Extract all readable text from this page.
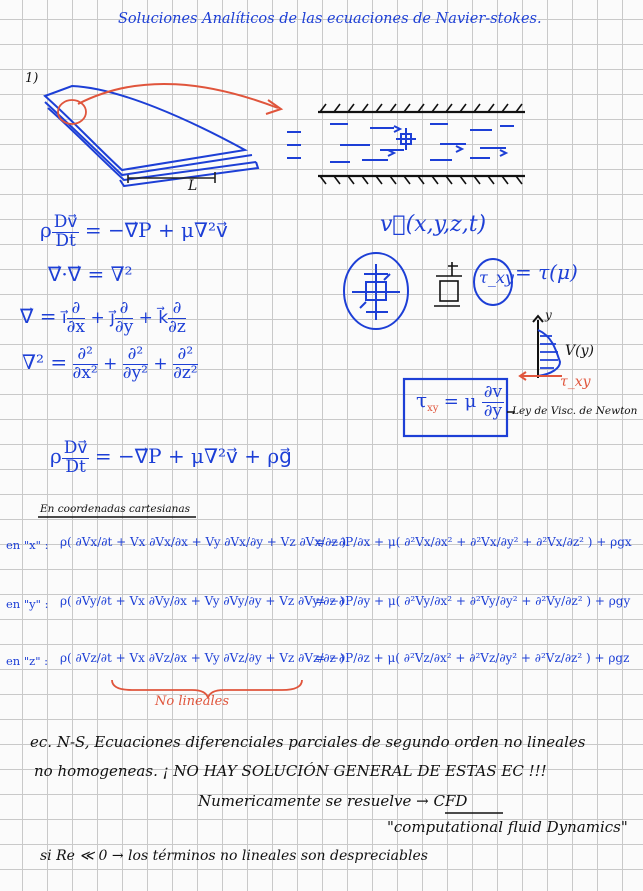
Soluciones Analíticos de las ecuaciones de Navier-stokes.
1)
L
ρ $\frac{Dv⃗}{Dt}$ = −∇⃗P + μ∇²v⃗
∇⃗·∇⃗ = ∇²
∇⃗ = i⃗ $\frac{\partial}{\partial x}$ + j⃗ $\frac{\partial}{\partial y}$ + k⃗ $\frac{\partial}{\partial z}$
$\nabla^2 = \frac{\text{∂²}}{\text{∂x²}} + \frac{\text{∂²}}{\text{∂y²}} + \frac{\text{∂²}}{\text{∂z²}}$
ρ $\frac{Dv⃗}{Dt}$ = −∇⃗P + μ∇²v⃗ + ρg⃗
v⃗(x,y,z,t)
τ_xy = τ(μ)
y
V(y)
τ_xy
$\tau_{xy} = \mu \frac{\partial v}{\partial y}$ Ley de Visc. de Newton
En coordenadas cartesianas
en "x" : ρ( ∂Vx/∂t + Vx ∂Vx/∂x + Vy ∂Vx/∂y + Vz ∂Vx/∂z )
= −∂P/∂x + μ( ∂²Vx/∂x² + ∂²Vx/∂y² + ∂²Vx/∂z² ) + ρgx
en "y" : ρ( ∂Vy/∂t + Vx ∂Vy/∂x + Vy ∂Vy/∂y + Vz ∂Vy/∂z )
= −∂P/∂y + μ( ∂²Vy/∂x² + ∂²Vy/∂y² + ∂²Vy/∂z² ) + ρgy
en "z" : ρ( ∂Vz/∂t + Vx ∂Vz/∂x + Vy ∂Vz/∂y + Vz ∂Vz/∂z )
= −∂P/∂z + μ( ∂²Vz/∂x² + ∂²Vz/∂y² + ∂²Vz/∂z² ) + ρgz
No lineales
ec. N-S, Ecuaciones diferenciales parciales de segundo orden no lineales
no homogeneas. ¡ NO HAY SOLUCIÓN GENERAL DE ESTAS EC !!!
Numericamente se resuelve → CFD
"computational fluid Dynamics"
si Re ≪ 0 → los términos no lineales son despreciables
